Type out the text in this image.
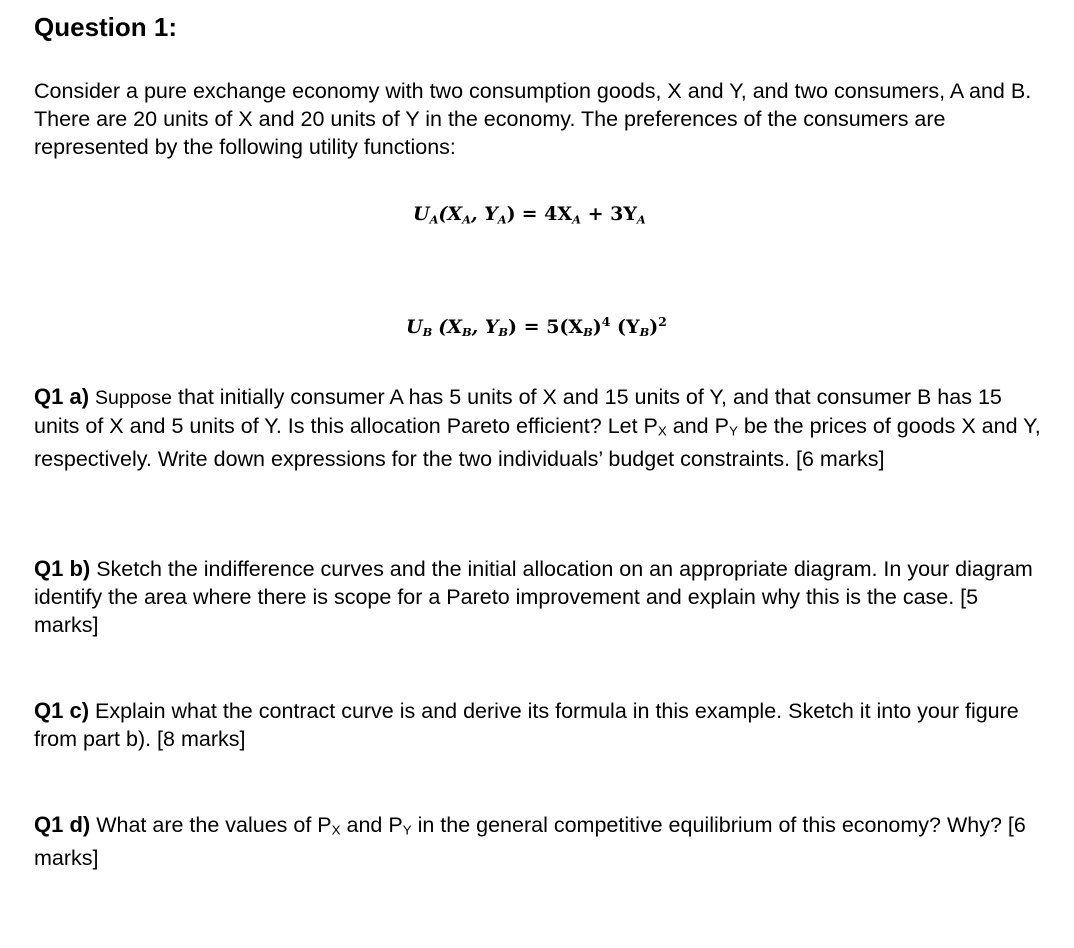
Question 1:

Consider a pure exchange economy with two consumption goods, X and Y, and two consumers, A and B. There are 20 units of X and 20 units of Y in the economy. The preferences of the consumers are represented by the following utility functions:

UA(XA, YA) = 4XA + 3YA
UB (XB, YB) = 5(XB)$^4$ (YB)$^2$

Q1 a) Suppose that initially consumer A has 5 units of X and 15 units of Y, and that consumer B has 15 units of X and 5 units of Y. Is this allocation Pareto efficient? Let PX and PY be the prices of goods X and Y, respectively. Write down expressions for the two individuals’ budget constraints. [6 marks]

Q1 b) Sketch the indifference curves and the initial allocation on an appropriate diagram. In your diagram identify the area where there is scope for a Pareto improvement and explain why this is the case. [5 marks]

Q1 c) Explain what the contract curve is and derive its formula in this example. Sketch it into your figure from part b). [8 marks]

Q1 d) What are the values of PX and PY in the general competitive equilibrium of this economy? Why? [6 marks]
